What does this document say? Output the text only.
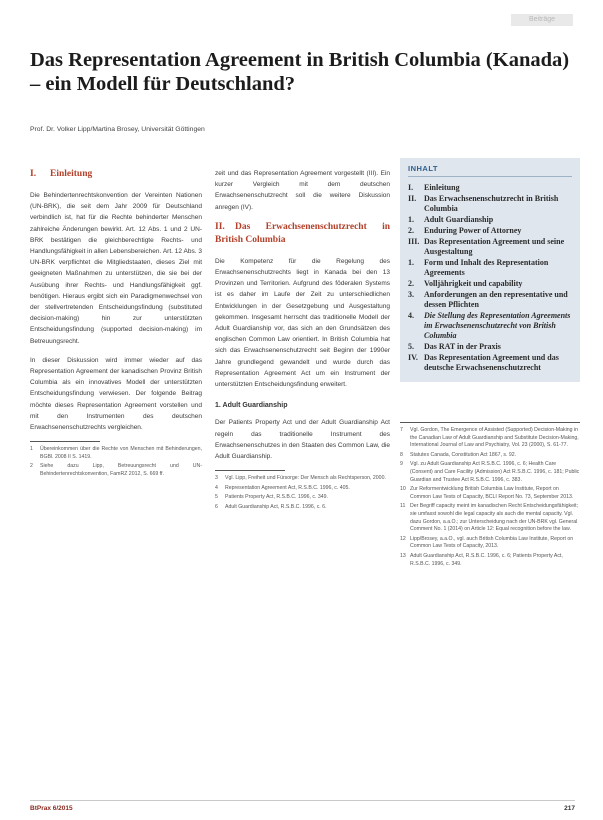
Beiträge
Das Representation Agreement in British Columbia (Kanada) – ein Modell für Deutschland?
Prof. Dr. Volker Lipp/Martina Brosey, Universität Göttingen
I. Einleitung

Die Behindertenrechtskonvention der Vereinten Nationen (UN-BRK), die seit dem Jahr 2009 für Deutschland verbindlich ist, hat für die Rechte behinderter Menschen zahlreiche Änderungen bewirkt. Art. 12 Abs. 1 und 2 UN-BRK bestätigen die gleichberechtigte Rechts- und Handlungsfähigkeit in allen Lebensbereichen. Art. 12 Abs. 3 UN-BRK verpflichtet die Mitgliedstaaten, dieses Ziel mit geeigneten Maßnahmen zu unterstützen, die sie bei der Ausübung ihrer Rechts- und Handlungsfähigkeit ggf. benötigen. Hieraus ergibt sich ein Paradigmenwechsel von der stellvertretenden Entscheidungsfindung (substituted decision-making) hin zur unterstützten Entscheidungsfindung (supported decision-making) im Betreuungsrecht.

In dieser Diskussion wird immer wieder auf das Representation Agreement der kanadischen Provinz British Columbia als ein innovatives Modell der unterstützten Entscheidungsfindung verwiesen. Der folgende Beitrag möchte dieses Representation Agreement vorstellen und mit den Instrumenten des deutschen Erwachsenenschutzrechts vergleichen.

1	Übereinkommen über die Rechte von Menschen mit Behinderungen, BGBl. 2008 II S. 1419.
2	Siehe dazu Lipp, Betreuungsrecht und UN-Behindertenrechtskonvention, FamRZ 2012, S. 669 ff.

zeit und das Representation Agreement vorgestellt (III). Ein kurzer Vergleich mit dem deutschen Erwachsenenschutzrecht soll die weitere Diskussion anregen (IV).

II. Das Erwachsenenschutzrecht in British Columbia

Die Kompetenz für die Regelung des Erwachsenenschutzrechts liegt in Kanada bei den 13 Provinzen und Territorien. Aufgrund des föderalen Systems ist es daher im Laufe der Zeit zu unterschiedlichen Entwicklungen in der Gesetzgebung und Ausgestaltung gekommen. Insgesamt herrscht das traditionelle Modell der Adult Guardianship vor, das sich an den Grundsätzen des englischen Common Law orientiert. In British Columbia hat sich das Erwachsenenschutzrecht seit Beginn der 1990er Jahre grundlegend gewandelt und wurde durch das Representation Agreement Act um ein Instrument der unterstützten Entscheidungsfindung erweitert.

1. Adult Guardianship

Der Patients Property Act und der Adult Guardianship Act regeln das traditionelle Instrument des Erwachsenenschutzes in den Staaten des Common Law, die Adult Guardianship.

3	Vgl. Lipp, Freiheit und Fürsorge: Der Mensch als Rechtsperson, 2000.
4	Representation Agreement Act, R.S.B.C. 1996, c. 405.
5	Patients Property Act, R.S.B.C. 1996, c. 349.
6	Adult Guardianship Act, R.S.B.C. 1996, c. 6.
INHALT
I.	Einleitung
II. Das Erwachsenenschutzrecht in British Columbia
1.	Adult Guardianship
2.	Enduring Power of Attorney
III. Das Representation Agreement und seine Ausgestaltung
1.	Form und Inhalt des Representation Agreements
2.	Volljährigkeit und capability
3.	Anforderungen an den representative und dessen Pflichten
4.	Die Stellung des Representation Agreements im Erwachsenenschutzrecht von British Columbia
5.	Das RAT in der Praxis
IV. Das Representation Agreement und das deutsche Erwachsenenschutzrecht
7	Vgl. Gordon, The Emergence of Assisted (Supported) Decision-Making in the Canadian Law of Adult Guardianship and Substitute Decision-Making, International Journal of Law and Psychiatry, Vol. 23 (2000), S. 61-77.
8	Statutes Canada, Constitution Act 1867, s. 92.
9	Vgl. zu Adult Guardianship Act R.S.B.C. 1996, c. 6; Health Care (Consent) and Care Facility (Admission) Act R.S.B.C. 1996, c. 181; Public Guardian and Trustee Act R.S.B.C. 1996, c. 383.
10 Zur Reformentwicklung British Columbia Law Institute, Report on Common Law Tests of Capacity, BCLI Report No. 73, September 2013.
11 Der Begriff capacity meint im kanadischen Recht Entscheidungsfähigkeit; sie umfasst sowohl die legal capacity als auch die mental capacity. Vgl. dazu Gordon, a.a.O.; zur Unterscheidung nach der UN-BRK vgl. General Comment No. 1 (2014) on Article 12: Equal recognition before the law.
12 Lipp/Brosey, a.a.O., vgl. auch British Columbia Law Institute, Report on Common Law Tests of Capacity, 2013.
13 Adult Guardianship Act, R.S.B.C. 1996, c. 6; Patients Property Act, R.S.B.C. 1996, c. 349.
BtPrax 6/2015	217
